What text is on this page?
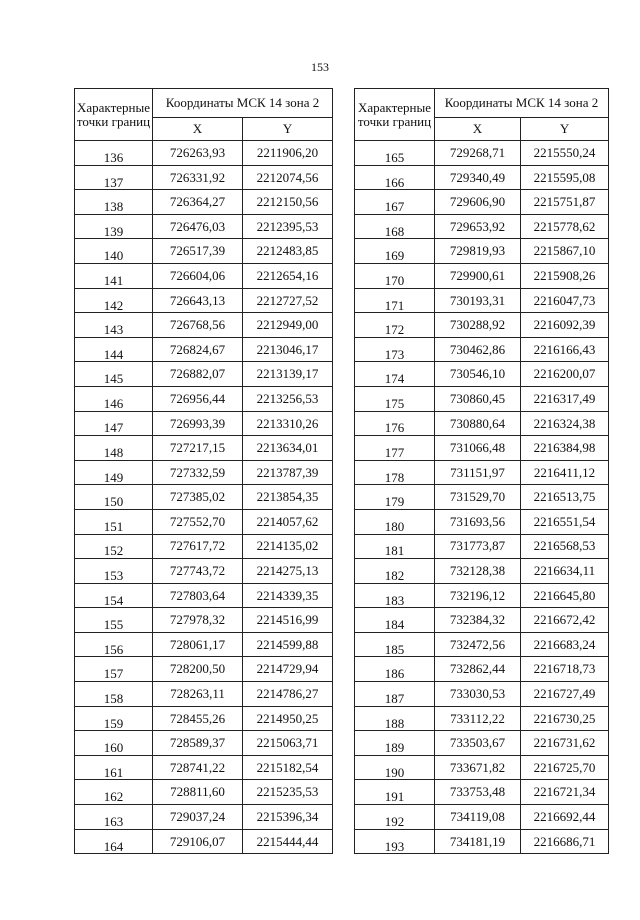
153
Характерные
точки границ	Координаты МСК 14 зона 2	
	X	Y
136	726263,93	2211906,20
137	726331,92	2212074,56
138	726364,27	2212150,56
139	726476,03	2212395,53
140	726517,39	2212483,85
141	726604,06	2212654,16
142	726643,13	2212727,52
143	726768,56	2212949,00
144	726824,67	2213046,17
145	726882,07	2213139,17
146	726956,44	2213256,53
147	726993,39	2213310,26
148	727217,15	2213634,01
149	727332,59	2213787,39
150	727385,02	2213854,35
151	727552,70	2214057,62
152	727617,72	2214135,02
153	727743,72	2214275,13
154	727803,64	2214339,35
155	727978,32	2214516,99
156	728061,17	2214599,88
157	728200,50	2214729,94
158	728263,11	2214786,27
159	728455,26	2214950,25
160	728589,37	2215063,71
161	728741,22	2215182,54
162	728811,60	2215235,53
163	729037,24	2215396,34
164	729106,07	2215444,44
Характерные
точки границ	Координаты МСК 14 зона 2	
	X	Y
165	729268,71	2215550,24
166	729340,49	2215595,08
167	729606,90	2215751,87
168	729653,92	2215778,62
169	729819,93	2215867,10
170	729900,61	2215908,26
171	730193,31	2216047,73
172	730288,92	2216092,39
173	730462,86	2216166,43
174	730546,10	2216200,07
175	730860,45	2216317,49
176	730880,64	2216324,38
177	731066,48	2216384,98
178	731151,97	2216411,12
179	731529,70	2216513,75
180	731693,56	2216551,54
181	731773,87	2216568,53
182	732128,38	2216634,11
183	732196,12	2216645,80
184	732384,32	2216672,42
185	732472,56	2216683,24
186	732862,44	2216718,73
187	733030,53	2216727,49
188	733112,22	2216730,25
189	733503,67	2216731,62
190	733671,82	2216725,70
191	733753,48	2216721,34
192	734119,08	2216692,44
193	734181,19	2216686,71
